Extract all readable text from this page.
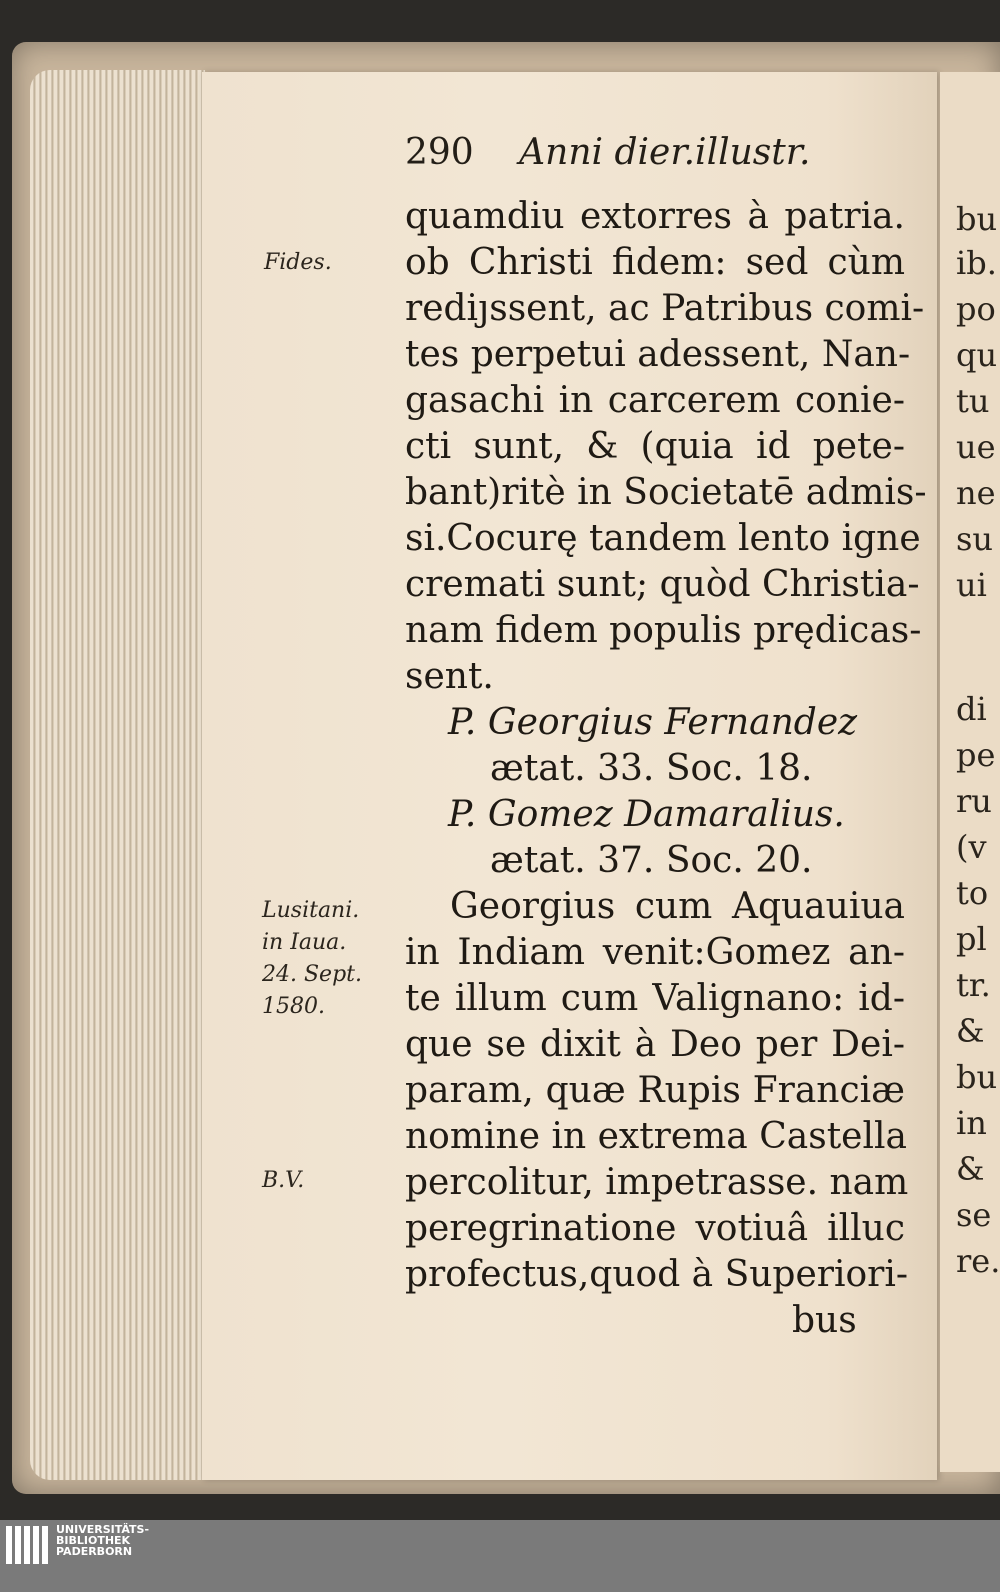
bu
ib.
po
qu
tu
ue
ne
su
ui
di
pe
ru
(v
to
pl
tr.
&
bu
in
&
se
re.
290 Anni dier.illustr.
quamdiu extorres à patria.
ob Christi fidem: sed cùm
rediȷssent, ac Patribus comi-
tes perpetui adessent, Nan-
gasachi in carcerem conie-
cti sunt, & (quia id pete-
bant)ritè in Societatē admis-
si.Cocurę tandem lento igne
cremati sunt; quòd Christia-
nam fidem populis prędicas-
sent.
P. Georgius Fernandez
ætat. 33. Soc. 18.
P. Gomez Damaralius.
ætat. 37. Soc. 20.
Georgius cum Aquauiua
in Indiam venit:Gomez an-
te illum cum Valignano: id-
que se dixit à Deo per Dei-
param, quæ Rupis Franciæ
nomine in extrema Castella
percolitur, impetrasse. nam
peregrinatione votiuâ illuc
profectus,quod à Superiori-
bus
Fides.
Lusitani.
in Iaua.
24. Sept.
1580.
B.V.
UNIVERSITÄTS-
BIBLIOTHEK
PADERBORN
